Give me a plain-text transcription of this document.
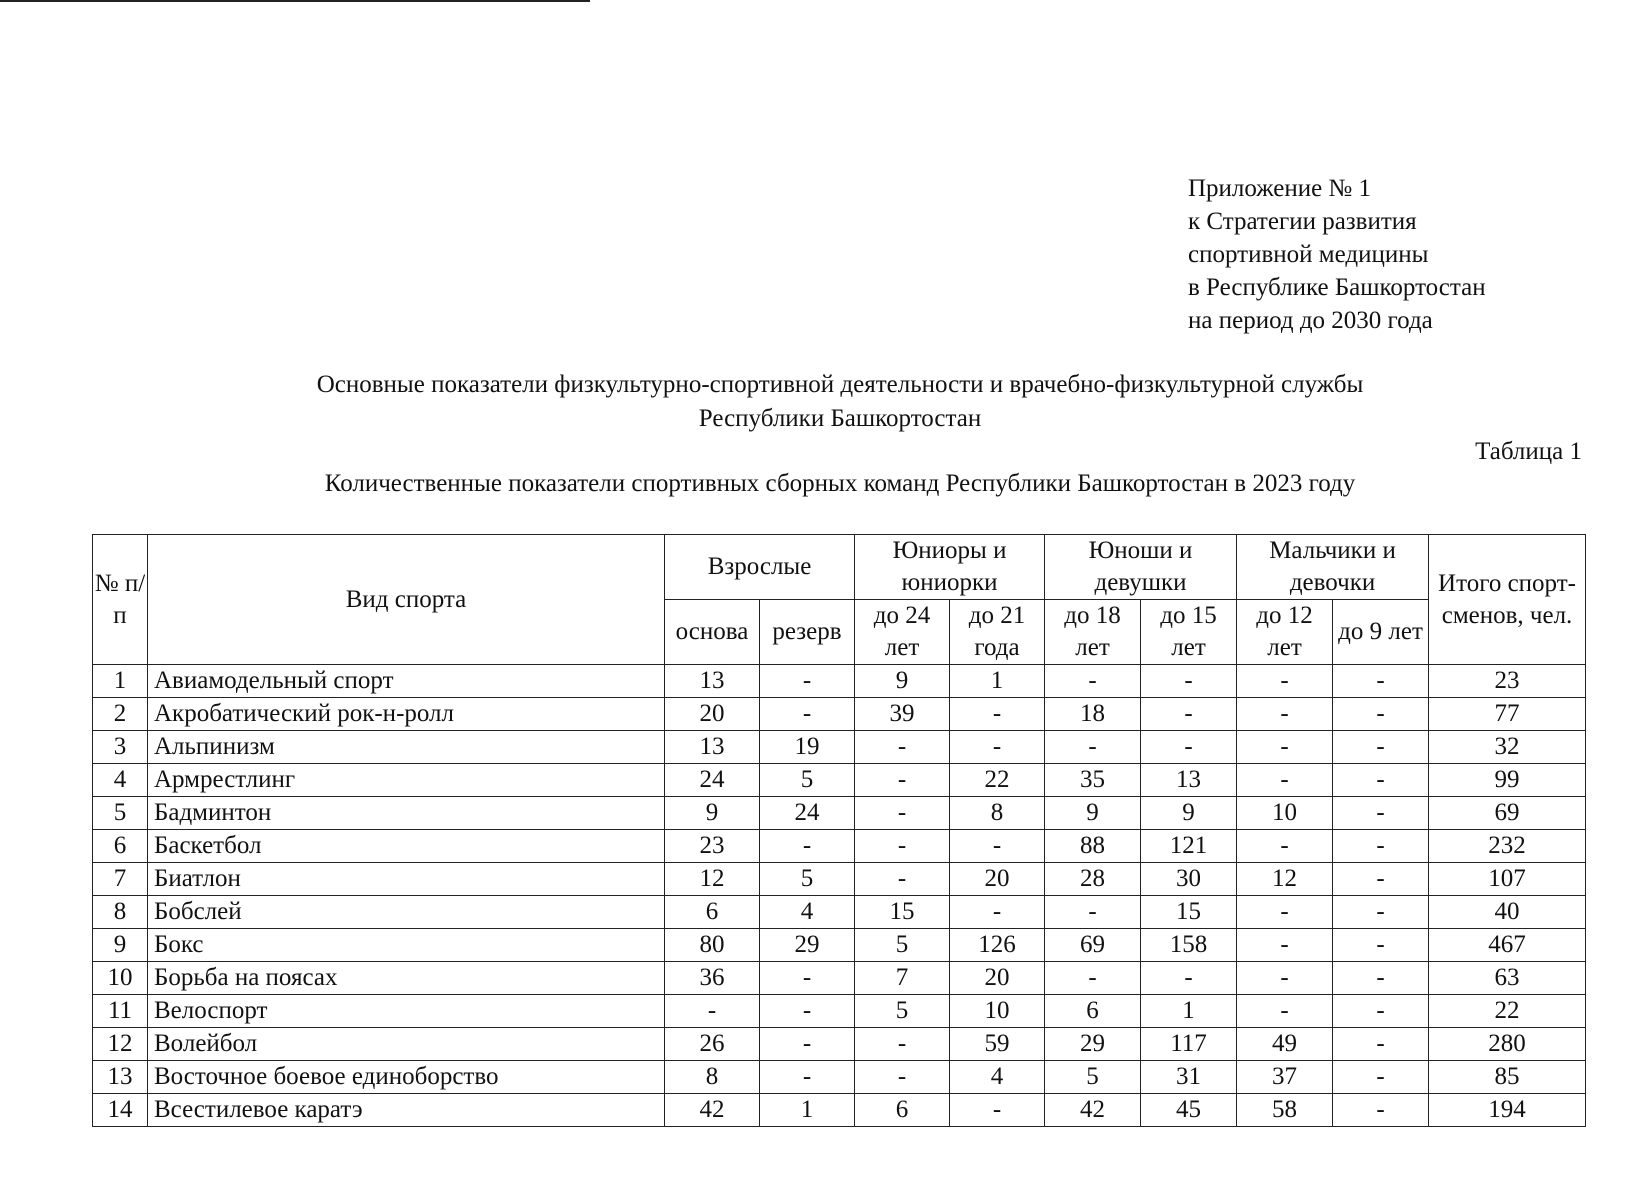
Приложение № 1
к Стратегии развития
спортивной медицины
в Республике Башкортостан
на период до 2030 года
Основные показатели физкультурно-спортивной деятельности и врачебно-физкультурной службы
Республики Башкортостан
Таблица 1
Количественные показатели спортивных сборных команд Республики Башкортостан в 2023 году
№ п/п	Вид спорта	Взрослые		Юниоры и юниорки		Юноши и девушки		Мальчики и девочки		Итого спорт-сменов, чел.
		основа	резерв	до 24 лет	до 21 года	до 18 лет	до 15 лет	до 12 лет	до 9 лет	
1	Авиамодельный спорт	13	-	9	1	-	-	-	-	23
2	Акробатический рок-н-ролл	20	-	39	-	18	-	-	-	77
3	Альпинизм	13	19	-	-	-	-	-	-	32
4	Армрестлинг	24	5	-	22	35	13	-	-	99
5	Бадминтон	9	24	-	8	9	9	10	-	69
6	Баскетбол	23	-	-	-	88	121	-	-	232
7	Биатлон	12	5	-	20	28	30	12	-	107
8	Бобслей	6	4	15	-	-	15	-	-	40
9	Бокс	80	29	5	126	69	158	-	-	467
10	Борьба на поясах	36	-	7	20	-	-	-	-	63
11	Велоспорт	-	-	5	10	6	1	-	-	22
12	Волейбол	26	-	-	59	29	117	49	-	280
13	Восточное боевое единоборство	8	-	-	4	5	31	37	-	85
14	Всестилевое каратэ	42	1	6	-	42	45	58	-	194
